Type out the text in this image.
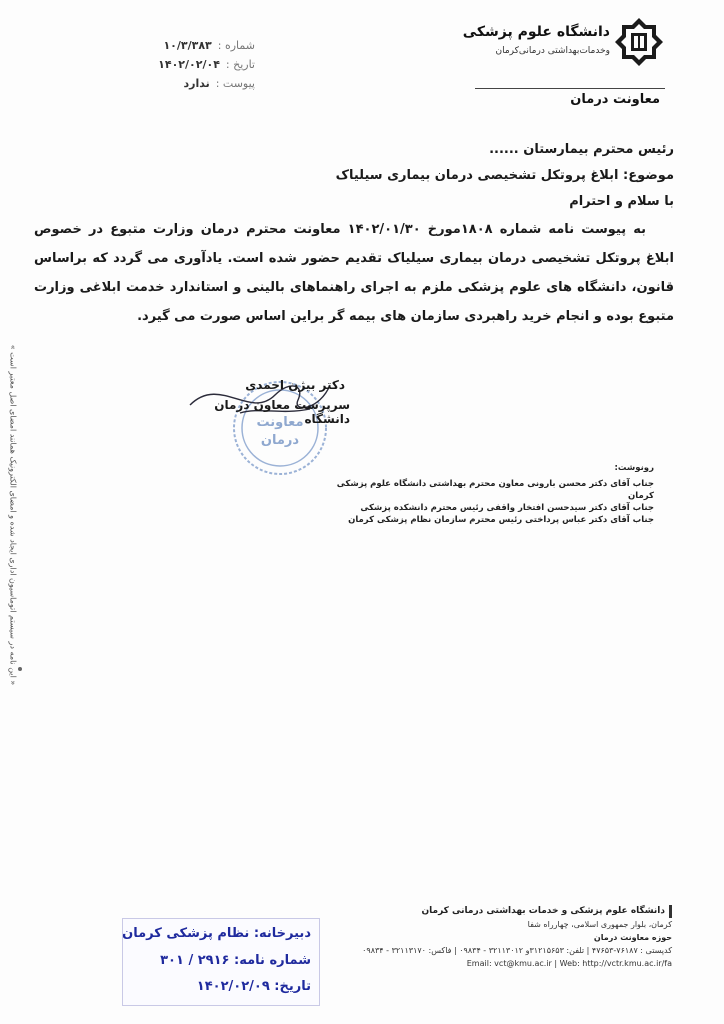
شماره :
۱۰/۳/۳۸۳
تاریخ :
۱۴۰۲/۰۲/۰۴
پیوست :
ندارد
دانشگاه علوم پزشکی
وخدمات‌بهداشتی درمانی‌کرمان
معاونت درمان

رئیس محترم بیمارستان ......

موضوع: ابلاغ پروتکل تشخیصی درمان بیماری سیلیاک

با سلام و احترام

به پیوست نامه شماره ۱۸۰۸مورخ ۱۴۰۲/۰۱/۳۰ معاونت محترم درمان وزارت متبوع در خصوص ابلاغ پروتکل تشخیصی درمان بیماری سیلیاک تقدیم حضور شده است. یادآوری می گردد که براساس قانون، دانشگاه های علوم پزشکی ملزم به اجرای راهنماهای بالینی و استاندارد خدمت ابلاغی وزارت متبوع بوده و انجام خرید راهبردی سازمان های بیمه گر براین اساس صورت می گیرد.

معاونت
درمان
دکتر بیژن احمدی
سرپرست معاون درمان دانشگاه
رونوشت:
جناب آقای دکتر محسن بارونی معاون محترم بهداشتی دانشگاه علوم پزشکی کرمان
جناب آقای دکتر سیدحسن افتخار واقفی رئیس محترم دانشکده پزشکی
جناب آقای دکتر عباس پرداختی رئیس محترم سازمان نظام پزشکی کرمان
« این نامه در سیستم اتوماسیون اداری ایجاد شده و امضای الکترونیک همانند امضای اصل معتبر است »
دبیرخانه: نظام پزشکی کرمان
شماره نامه: ۲۹۱۶ / ۳۰۱
تاریخ: ۱۴۰۲/۰۲/۰۹
دانشگاه علوم پزشکی و خدمات بهداشتی درمانی کرمان
کرمان، بلوار جمهوری اسلامی، چهارراه شفا
حوزه معاونت درمان
کدپستی : ۷۶۱۸۷-۴۷۶۵۳ | تلفن: ۳۱۲۱۵۶۵۳و ۳۲۱۱۳۰۱۲ - ۰۹۸۳۴ | فاکس: ۳۲۱۱۳۱۷۰ - ۰۹۸۳۴
Email: vct@kmu.ac.ir | Web: http://vctr.kmu.ac.ir/fa
